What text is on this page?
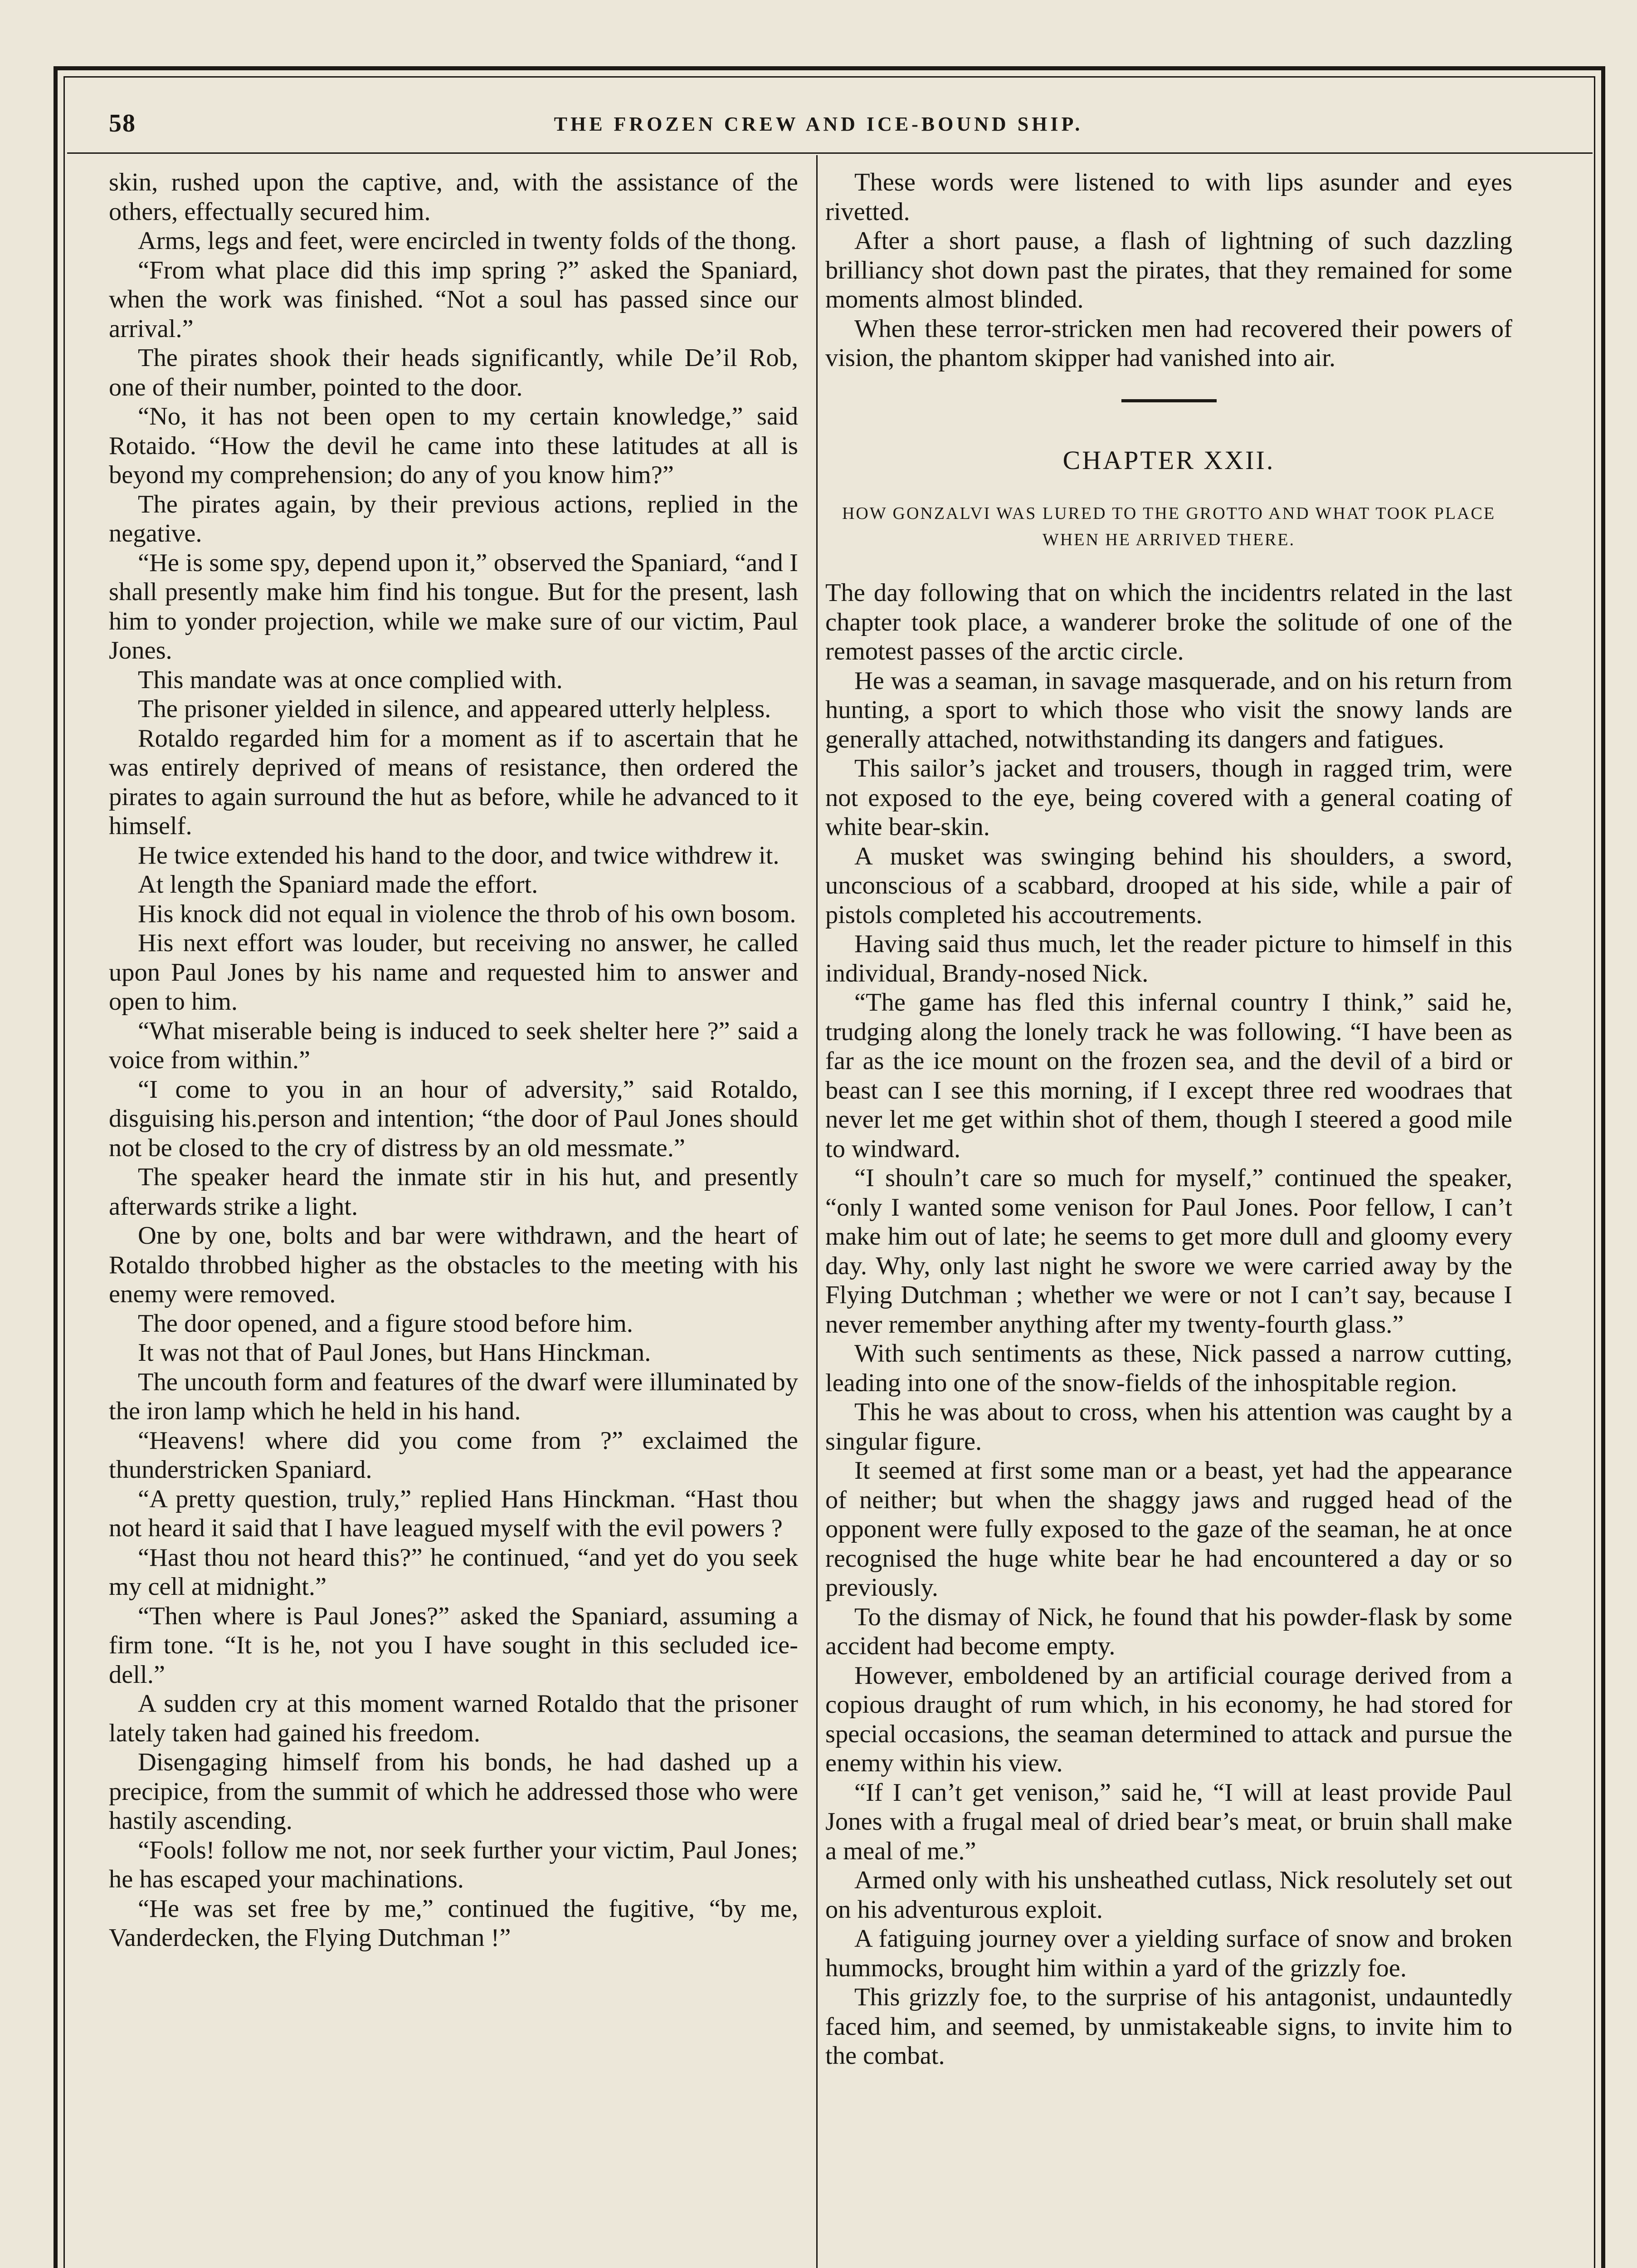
58	THE FROZEN CREW AND ICE-BOUND SHIP.

skin, rushed upon the captive, and, with the assistance of the others, effectually secured him.

Arms, legs and feet, were encircled in twenty folds of the thong.

“From what place did this imp spring ?” asked the Spaniard, when the work was finished. “Not a soul has passed since our arrival.”

The pirates shook their heads significantly, while De’il Rob, one of their number, pointed to the door.

“No, it has not been open to my certain knowledge,” said Rotaido. “How the devil he came into these latitudes at all is beyond my comprehension; do any of you know him?”

The pirates again, by their previous actions, replied in the negative.

“He is some spy, depend upon it,” observed the Spaniard, “and I shall presently make him find his tongue. But for the present, lash him to yonder projection, while we make sure of our victim, Paul Jones.

This mandate was at once complied with.

The prisoner yielded in silence, and appeared utterly helpless.

Rotaldo regarded him for a moment as if to ascertain that he was entirely deprived of means of resistance, then ordered the pirates to again surround the hut as before, while he advanced to it himself.

He twice extended his hand to the door, and twice withdrew it.

At length the Spaniard made the effort.

His knock did not equal in violence the throb of his own bosom.

His next effort was louder, but receiving no answer, he called upon Paul Jones by his name and requested him to answer and open to him.

“What miserable being is induced to seek shelter here ?” said a voice from within.”

“I come to you in an hour of adversity,” said Rotaldo, disguising his.person and intention; “the door of Paul Jones should not be closed to the cry of distress by an old messmate.”

The speaker heard the inmate stir in his hut, and presently afterwards strike a light.

One by one, bolts and bar were withdrawn, and the heart of Rotaldo throbbed higher as the obstacles to the meeting with his enemy were removed.

The door opened, and a figure stood before him.

It was not that of Paul Jones, but Hans Hinckman.

The uncouth form and features of the dwarf were illuminated by the iron lamp which he held in his hand.

“Heavens! where did you come from ?” exclaimed the thunderstricken Spaniard.

“A pretty question, truly,” replied Hans Hinckman. “Hast thou not heard it said that I have leagued myself with the evil powers ?

“Hast thou not heard this?” he continued, “and yet do you seek my cell at midnight.”

“Then where is Paul Jones?” asked the Spaniard, assuming a firm tone. “It is he, not you I have sought in this secluded ice-dell.”

A sudden cry at this moment warned Rotaldo that the prisoner lately taken had gained his freedom.

Disengaging himself from his bonds, he had dashed up a precipice, from the summit of which he addressed those who were hastily ascending.

“Fools! follow me not, nor seek further your victim, Paul Jones; he has escaped your machinations.

“He was set free by me,” continued the fugitive, “by me, Vanderdecken, the Flying Dutchman !”

These words were listened to with lips asunder and eyes rivetted.

After a short pause, a flash of lightning of such dazzling brilliancy shot down past the pirates, that they remained for some moments almost blinded.

When these terror-stricken men had recovered their powers of vision, the phantom skipper had vanished into air.

CHAPTER XXII.
HOW GONZALVI WAS LURED TO THE GROTTO AND WHAT TOOK PLACE WHEN HE ARRIVED THERE.

The day following that on which the incidentrs related in the last chapter took place, a wanderer broke the solitude of one of the remotest passes of the arctic circle.

He was a seaman, in savage masquerade, and on his return from hunting, a sport to which those who visit the snowy lands are generally attached, notwithstanding its dangers and fatigues.

This sailor’s jacket and trousers, though in ragged trim, were not exposed to the eye, being covered with a general coating of white bear-skin.

A musket was swinging behind his shoulders, a sword, unconscious of a scabbard, drooped at his side, while a pair of pistols completed his accoutrements.

Having said thus much, let the reader picture to himself in this individual, Brandy-nosed Nick.

“The game has fled this infernal country I think,” said he, trudging along the lonely track he was following. “I have been as far as the ice mount on the frozen sea, and the devil of a bird or beast can I see this morning, if I except three red woodraes that never let me get within shot of them, though I steered a good mile to windward.

“I shouln’t care so much for myself,” continued the speaker, “only I wanted some venison for Paul Jones. Poor fellow, I can’t make him out of late; he seems to get more dull and gloomy every day. Why, only last night he swore we were carried away by the Flying Dutchman ; whether we were or not I can’t say, because I never remember anything after my twenty-fourth glass.”

With such sentiments as these, Nick passed a narrow cutting, leading into one of the snow-fields of the inhospitable region.

This he was about to cross, when his attention was caught by a singular figure.

It seemed at first some man or a beast, yet had the appearance of neither; but when the shaggy jaws and rugged head of the opponent were fully exposed to the gaze of the seaman, he at once recognised the huge white bear he had encountered a day or so previously.

To the dismay of Nick, he found that his powder-flask by some accident had become empty.

However, emboldened by an artificial courage derived from a copious draught of rum which, in his economy, he had stored for special occasions, the seaman determined to attack and pursue the enemy within his view.

“If I can’t get venison,” said he, “I will at least provide Paul Jones with a frugal meal of dried bear’s meat, or bruin shall make a meal of me.”

Armed only with his unsheathed cutlass, Nick resolutely set out on his adventurous exploit.

A fatiguing journey over a yielding surface of snow and broken hummocks, brought him within a yard of the grizzly foe.

This grizzly foe, to the surprise of his antagonist, undauntedly faced him, and seemed, by unmistakeable signs, to invite him to the combat.
